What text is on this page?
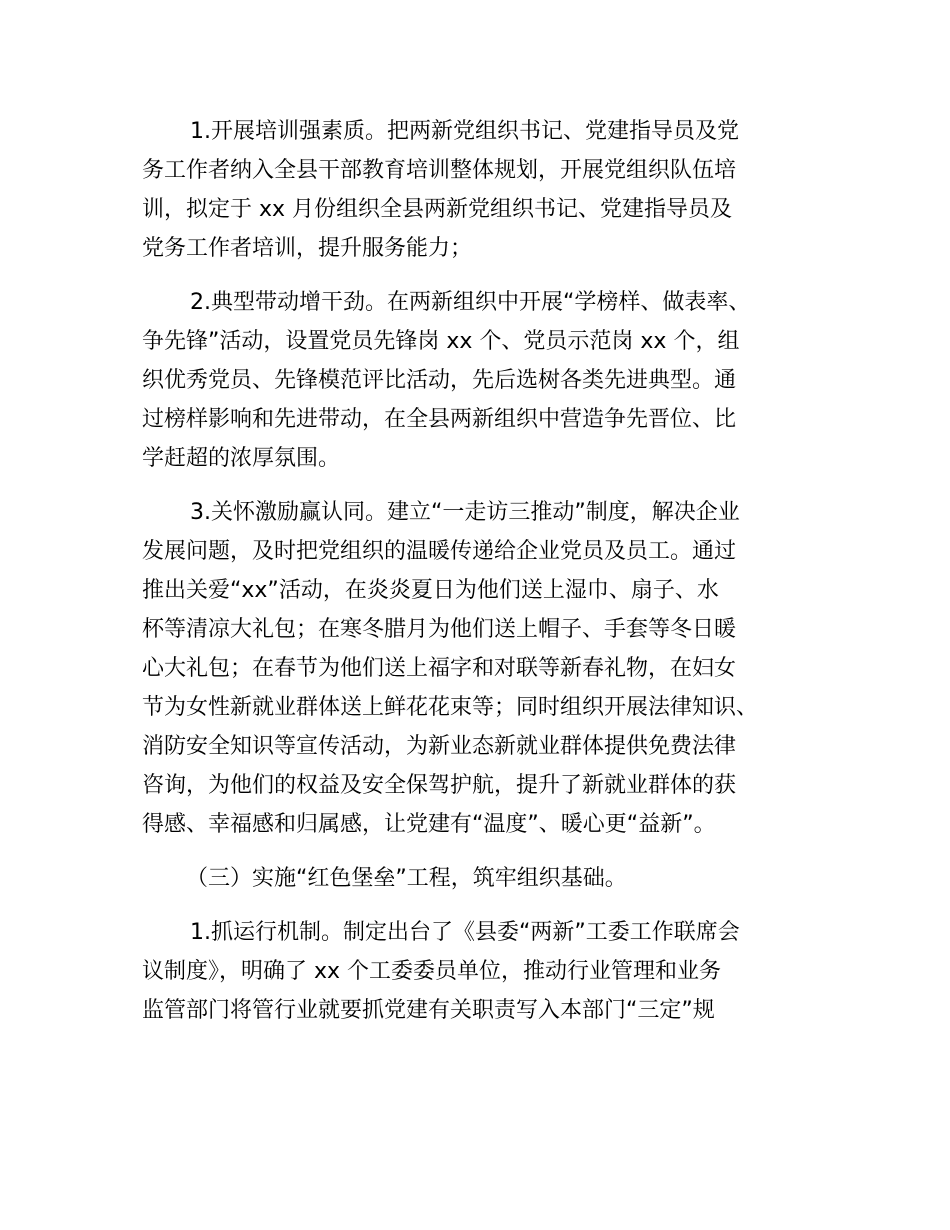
1.开展培训强素质。把两新党组织书记、党建指导员及党
务工作者纳入全县干部教育培训整体规划，开展党组织队伍培
训，拟定于 xx 月份组织全县两新党组织书记、党建指导员及
党务工作者培训，提升服务能力；
2.典型带动增干劲。在两新组织中开展“学榜样、做表率、
争先锋”活动，设置党员先锋岗 xx 个、党员示范岗 xx 个，组
织优秀党员、先锋模范评比活动，先后选树各类先进典型。通
过榜样影响和先进带动，在全县两新组织中营造争先晋位、比
学赶超的浓厚氛围。
3.关怀激励赢认同。建立“一走访三推动”制度，解决企业
发展问题，及时把党组织的温暖传递给企业党员及员工。通过
推出关爱“xx”活动，在炎炎夏日为他们送上湿巾、扇子、水
杯等清凉大礼包；在寒冬腊月为他们送上帽子、手套等冬日暖
心大礼包；在春节为他们送上福字和对联等新春礼物，在妇女
节为女性新就业群体送上鲜花花束等；同时组织开展法律知识、
消防安全知识等宣传活动，为新业态新就业群体提供免费法律
咨询，为他们的权益及安全保驾护航，提升了新就业群体的获
得感、幸福感和归属感，让党建有“温度”、暖心更“益新”。
（三）实施“红色堡垒”工程，筑牢组织基础。
1.抓运行机制。制定出台了《县委“两新”工委工作联席会
议制度》，明确了 xx 个工委委员单位，推动行业管理和业务
监管部门将管行业就要抓党建有关职责写入本部门“三定”规
